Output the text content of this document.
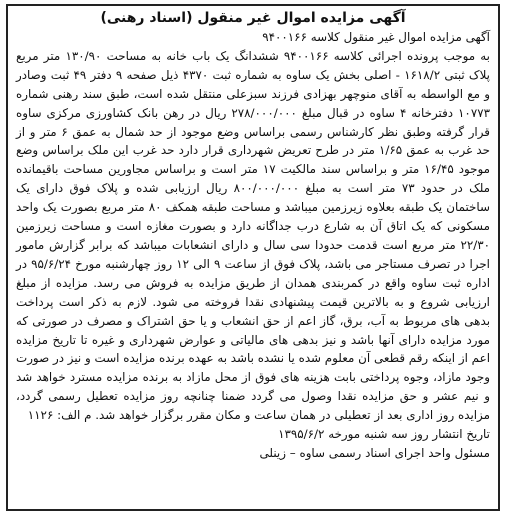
آگهی مزایده اموال غیر منقول (اسناد رهنی)

آگهی مزایده اموال غیر منقول کلاسه ۹۴۰۰۱۶۶

به موجب پرونده اجرائی کلاسه ۹۴۰۰۱۶۶ ششدانگ یک باب خانه به مساحت ۱۳۰/۹۰ متر مربع پلاک ثبتی ۱۶۱۸/۲ - اصلی بخش یک ساوه به شماره ثبت ۴۳۷۰ ذیل صفحه ۹ دفتر ۴۹ ثبت وصادر و مع الواسطه به آقای منوچهر بهزادی فرزند سبزعلی منتقل شده است، طبق سند رهنی شماره ۱۰۷۷۳ دفترخانه ۴ ساوه در قبال مبلغ ۲۷۸/۰۰۰/۰۰۰ ریال در رهن بانک کشاورزی مرکزی ساوه قرار گرفته وطبق نظر کارشناس رسمی براساس وضع موجود از حد شمال به عمق ۶ متر و از حد غرب به عمق ۱/۶۵ متر در طرح تعریض شهرداری قرار دارد حد غرب این ملک براساس وضع موجود ۱۶/۴۵ متر و براساس سند مالکیت ۱۷ متر است و براساس مجاورین مساحت باقیمانده ملک در حدود ۷۳ متر است به مبلغ ۸۰۰/۰۰۰/۰۰۰ ریال ارزیابی شده و پلاک فوق دارای یک ساختمان یک طبقه بعلاوه زیرزمین میباشد و مساحت طبقه همکف ۸۰ متر مربع بصورت یک واحد مسکونی که یک اتاق آن به شارع درب جداگانه دارد و بصورت مغازه است و مساحت زیرزمین ۲۲/۳۰ متر مربع است قدمت حدودا سی سال و دارای انشعابات میباشد که برابر گزارش مامور اجرا در تصرف مستاجر می باشد، پلاک فوق از ساعت ۹ الی ۱۲ روز چهارشنبه مورخ ۹۵/۶/۲۴ در اداره ثبت ساوه واقع در کمربندی همدان از طریق مزایده به فروش می رسد. مزایده از مبلغ ارزیابی شروع و به بالاترین قیمت پیشنهادی نقدا فروخته می شود. لازم به ذکر است پرداخت بدهی های مربوط به آب، برق، گاز اعم از حق انشعاب و یا حق اشتراک و مصرف در صورتی که مورد مزایده دارای آنها باشد و نیز بدهی های مالیاتی و عوارض شهرداری و غیره تا تاریخ مزایده اعم از اینکه رقم قطعی آن معلوم شده یا نشده باشد به عهده برنده مزایده است و نیز در صورت وجود مازاد، وجوه پرداختی بابت هزینه های فوق از محل مازاد به برنده مزایده مسترد خواهد شد و نیم عشر و حق مزایده نقدا وصول می گردد ضمنا چنانچه روز مزایده تعطیل رسمی گردد، مزایده روز اداری بعد از تعطیلی در همان ساعت و مکان مقرر برگزار خواهد شد. م الف: ۱۱۲۶

تاریخ انتشار روز سه شنبه مورخه ۱۳۹۵/۶/۲

مسئول واحد اجرای اسناد رسمی ساوه – زینلی
